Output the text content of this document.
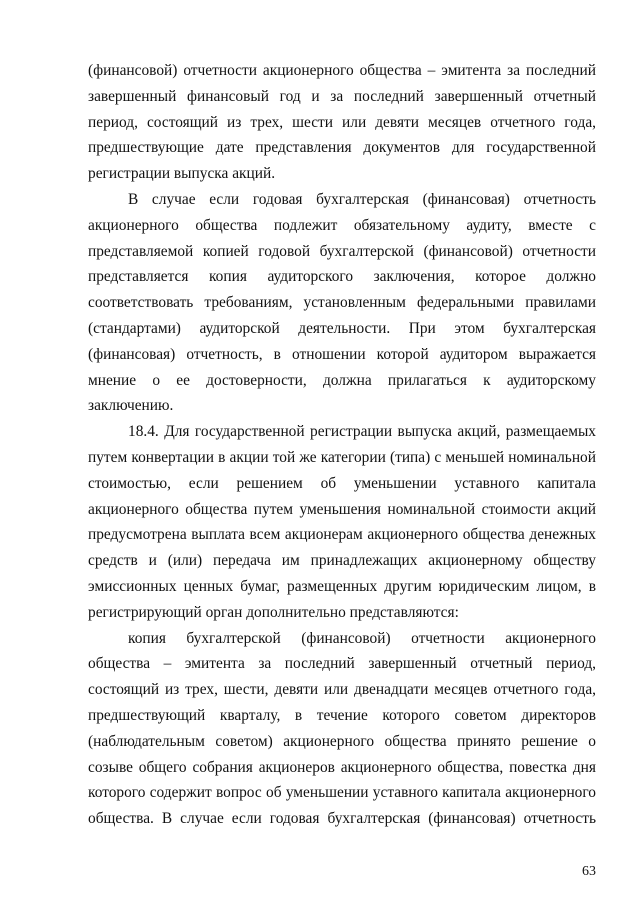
(финансовой) отчетности акционерного общества – эмитента за последний
завершенный финансовый год и за последний завершенный отчетный
период, состоящий из трех, шести или девяти месяцев отчетного года,
предшествующие дате представления документов для государственной
регистрации выпуска акций.
В случае если годовая бухгалтерская (финансовая) отчетность
акционерного общества подлежит обязательному аудиту, вместе с
представляемой копией годовой бухгалтерской (финансовой) отчетности
представляется копия аудиторского заключения, которое должно
соответствовать требованиям, установленным федеральными правилами
(стандартами) аудиторской деятельности. При этом бухгалтерская
(финансовая) отчетность, в отношении которой аудитором выражается
мнение о ее достоверности, должна прилагаться к аудиторскому
заключению.
18.4. Для государственной регистрации выпуска акций, размещаемых
путем конвертации в акции той же категории (типа) с меньшей номинальной
стоимостью, если решением об уменьшении уставного капитала
акционерного общества путем уменьшения номинальной стоимости акций
предусмотрена выплата всем акционерам акционерного общества денежных
средств и (или) передача им принадлежащих акционерному обществу
эмиссионных ценных бумаг, размещенных другим юридическим лицом, в
регистрирующий орган дополнительно представляются:
копия бухгалтерской (финансовой) отчетности акционерного
общества – эмитента за последний завершенный отчетный период,
состоящий из трех, шести, девяти или двенадцати месяцев отчетного года,
предшествующий кварталу, в течение которого советом директоров
(наблюдательным советом) акционерного общества принято решение о
созыве общего собрания акционеров акционерного общества, повестка дня
которого содержит вопрос об уменьшении уставного капитала акционерного
общества. В случае если годовая бухгалтерская (финансовая) отчетность
63
